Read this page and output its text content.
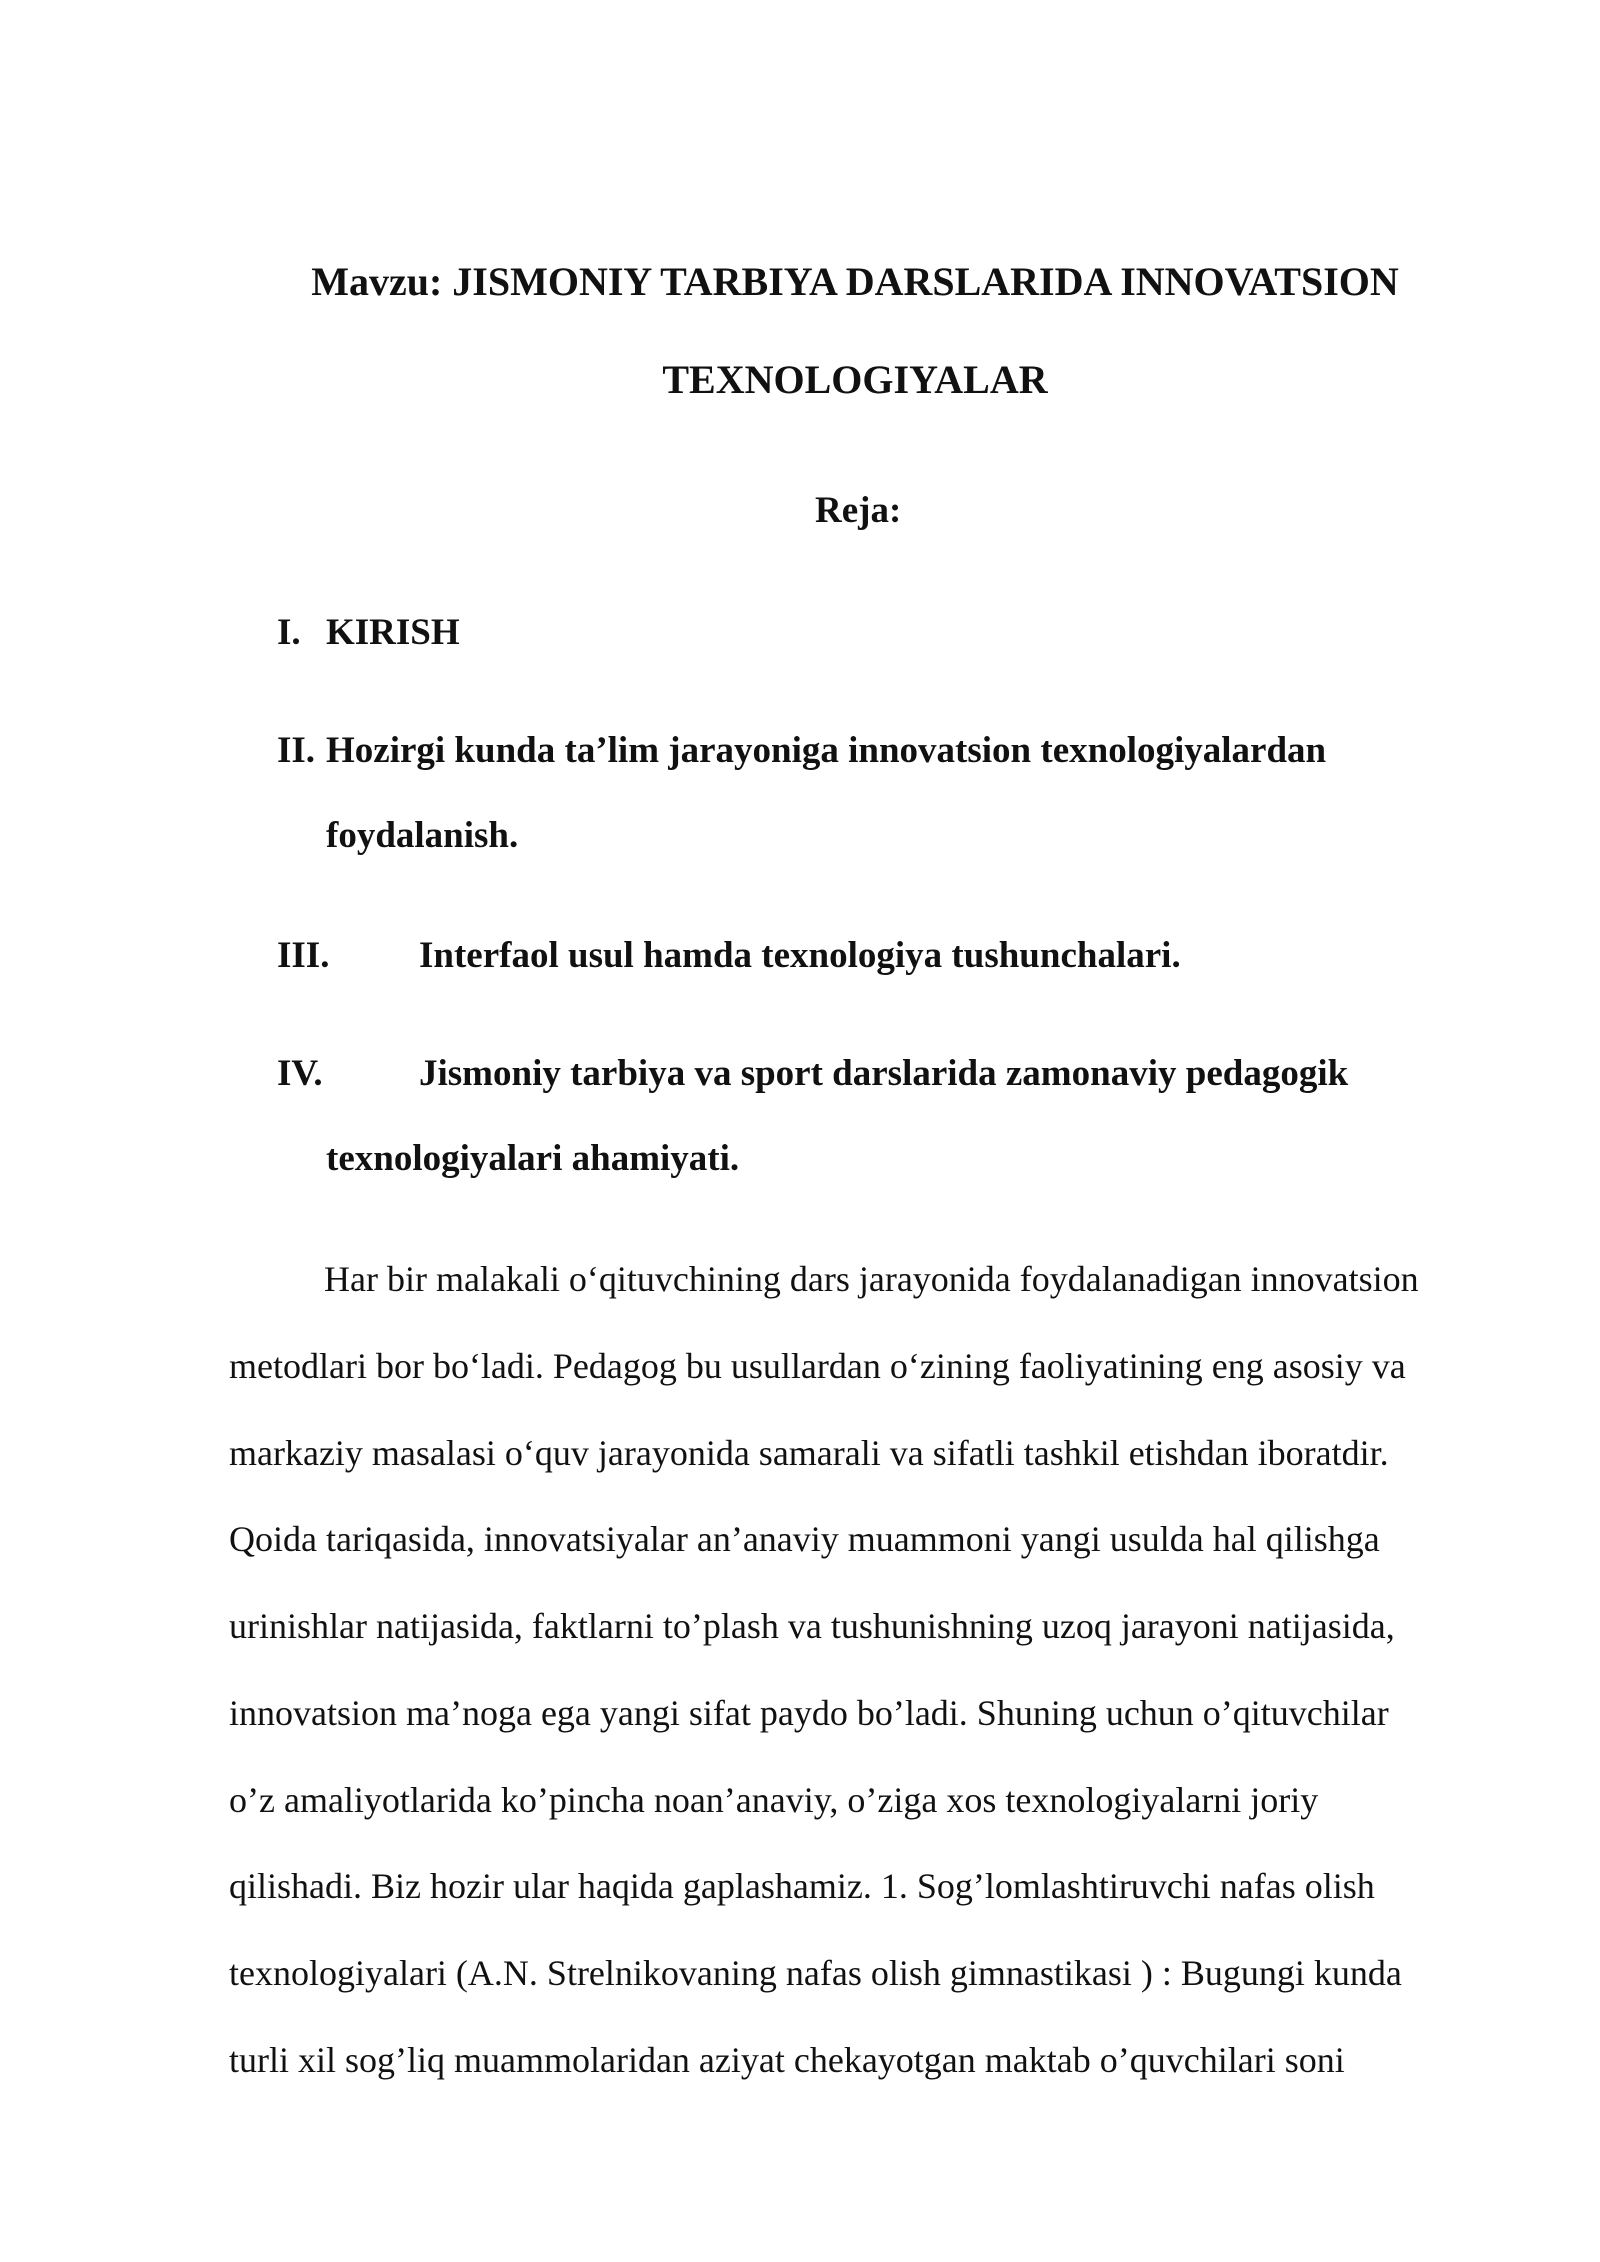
Mavzu: JISMONIY TARBIYA DARSLARIDA INNOVATSION
TEXNOLOGIYALAR
Reja:
I. KIRISH
II. Hozirgi kunda ta’lim jarayoniga innovatsion texnologiyalardan
foydalanish.
III. Interfaol usul hamda texnologiya tushunchalari.
IV.	Jismoniy tarbiya va sport darslarida zamonaviy pedagogik
texnologiyalari ahamiyati.
Har bir malakali o‘qituvchining dars jarayonida foydalanadigan innovatsion
metodlari bor bo‘ladi. Pedagog bu usullardan o‘zining faoliyatining eng asosiy va
markaziy masalasi o‘quv jarayonida samarali va sifatli tashkil etishdan iboratdir.
Qoida tariqasida, innovatsiyalar an’anaviy muammoni yangi usulda hal qilishga
urinishlar natijasida, faktlarni to’plash va tushunishning uzoq jarayoni natijasida,
innovatsion ma’noga ega yangi sifat paydo bo’ladi. Shuning uchun o’qituvchilar
o’z amaliyotlarida ko’pincha noan’anaviy, o’ziga xos texnologiyalarni joriy
qilishadi. Biz hozir ular haqida gaplashamiz. 1. Sog’lomlashtiruvchi nafas olish
texnologiyalari (A.N. Strelnikovaning nafas olish gimnastikasi ) : Bugungi kunda
turli xil sog’liq muammolaridan aziyat chekayotgan maktab o’quvchilari soni
